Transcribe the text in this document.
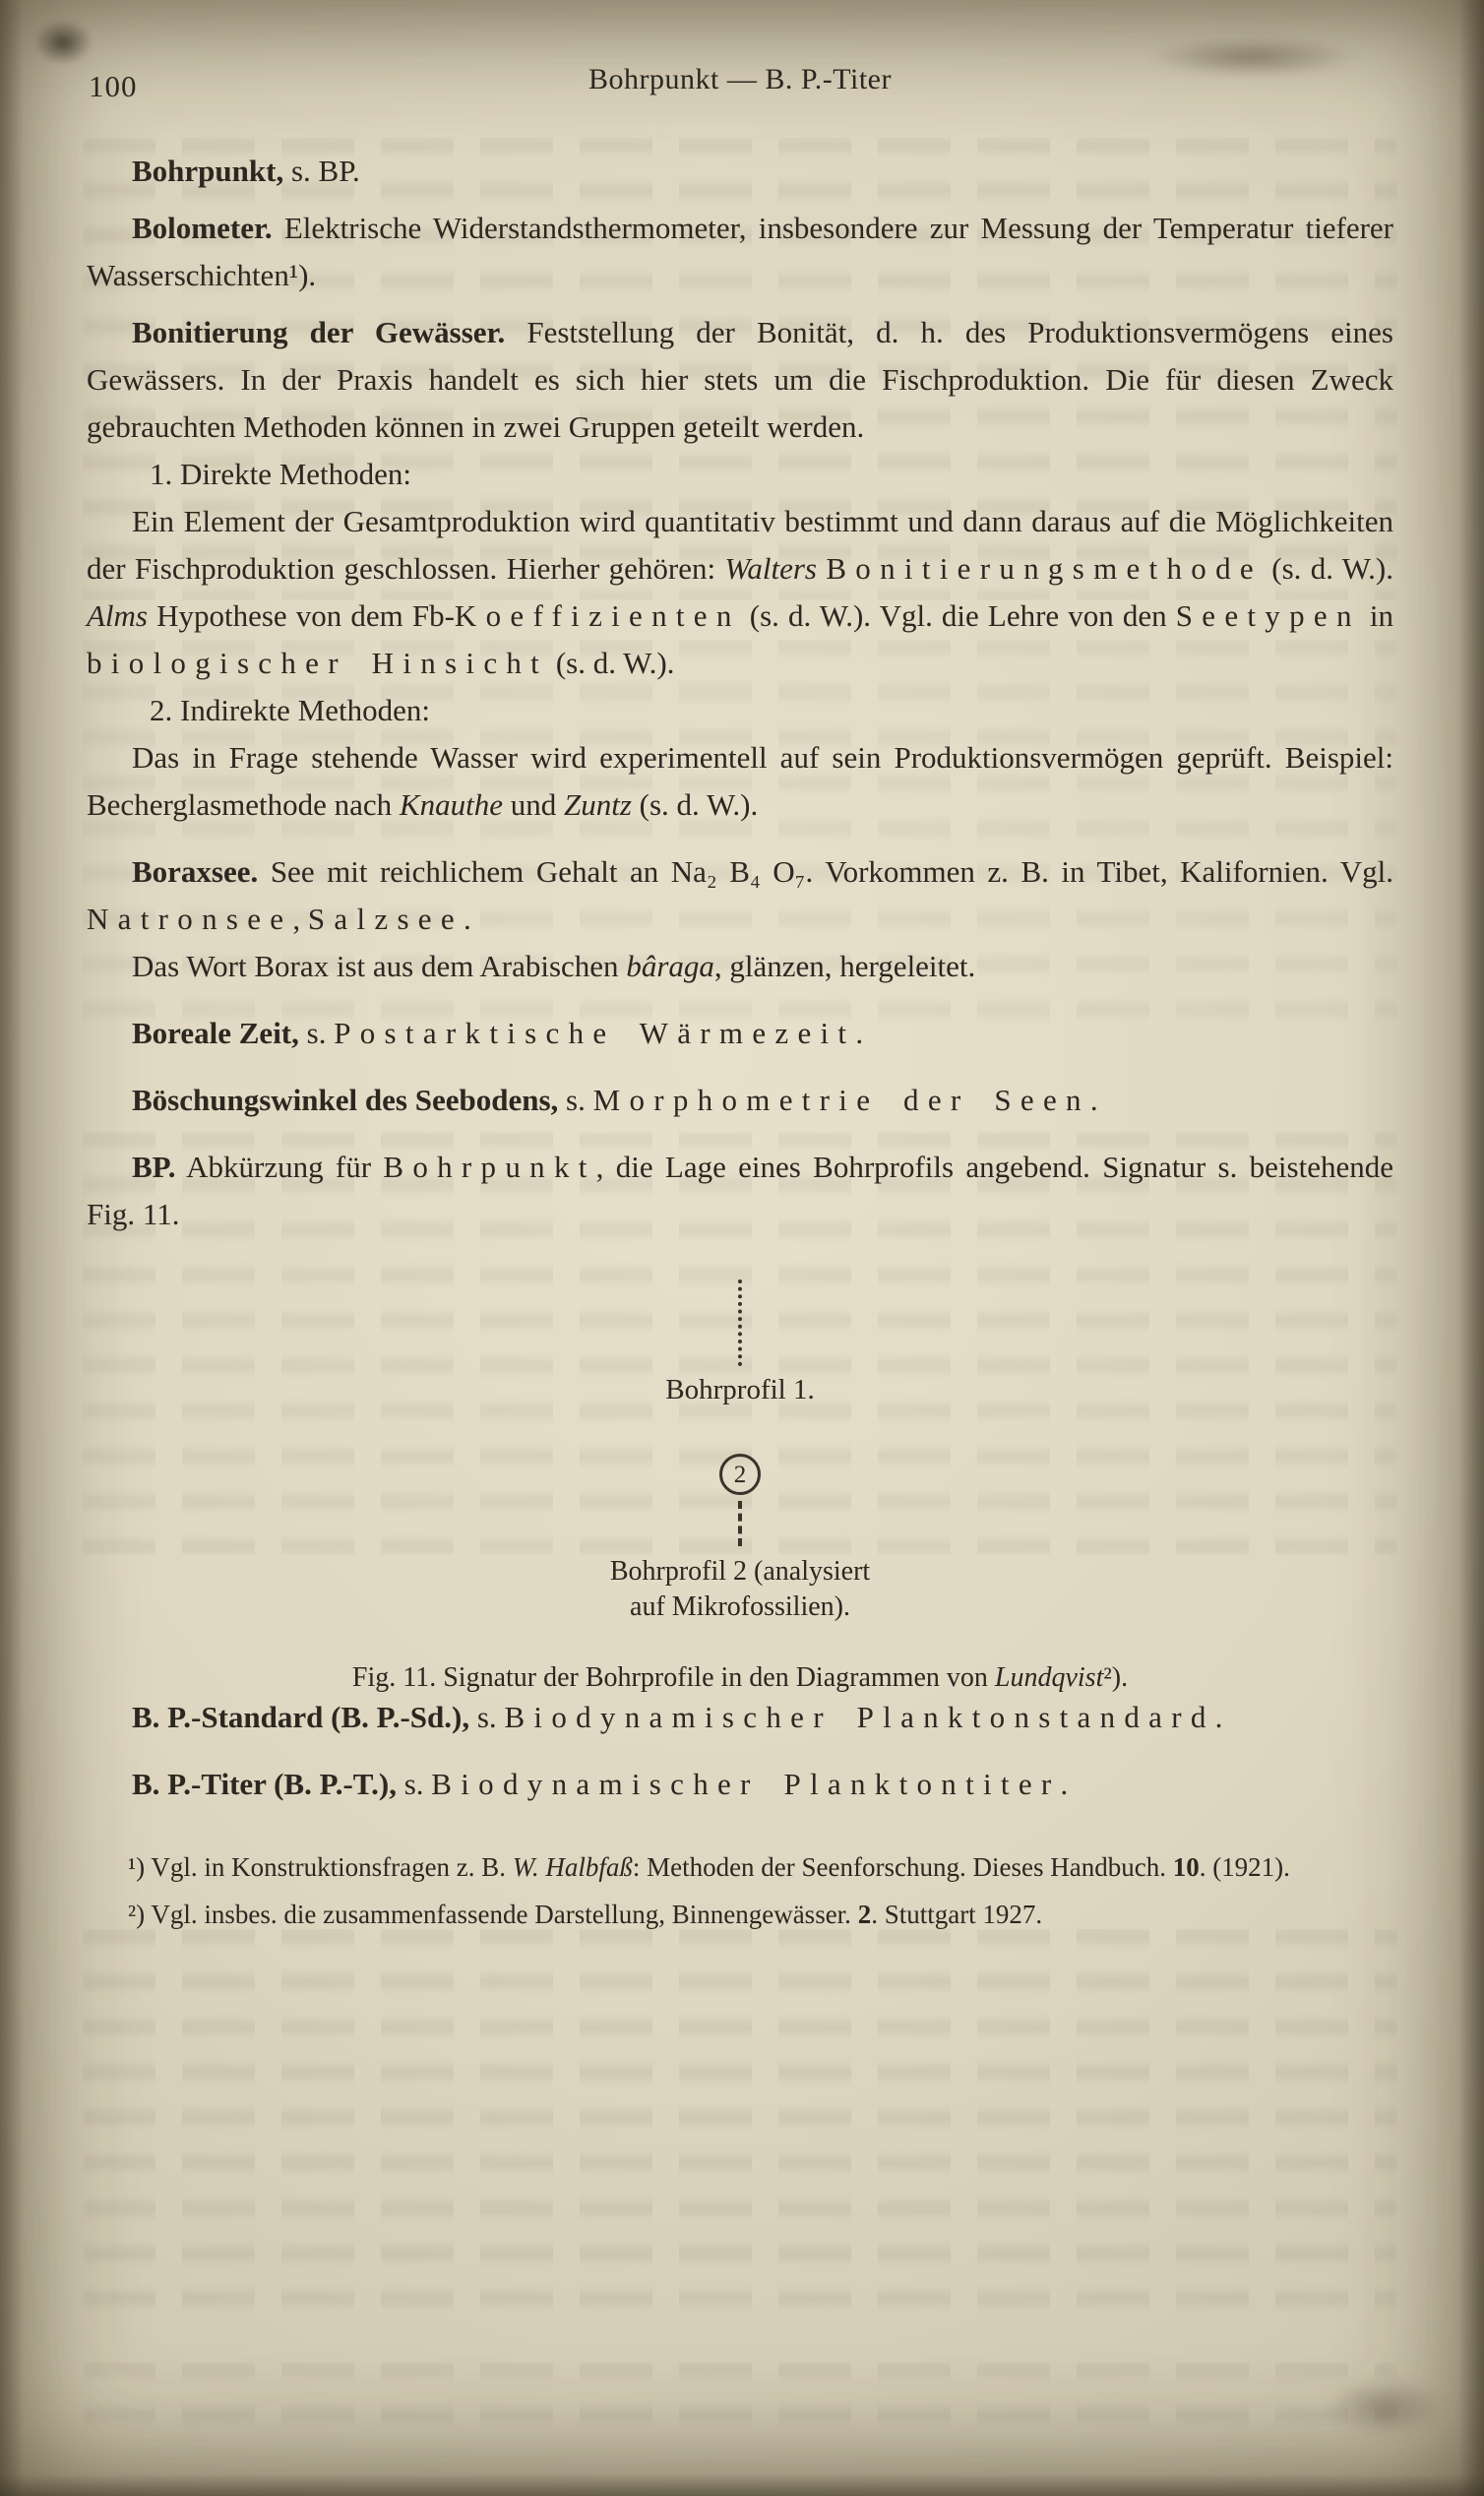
100	Bohrpunkt — B. P.-Titer

Bohrpunkt, s. BP.

Bolometer. Elektrische Widerstandsthermometer, insbesondere zur Messung der Temperatur tieferer Wasserschichten¹).

Bonitierung der Gewässer. Feststellung der Bonität, d. h. des Produktionsvermögens eines Gewässers. In der Praxis handelt es sich hier stets um die Fischproduktion. Die für diesen Zweck gebrauchten Methoden können in zwei Gruppen geteilt werden.

1. Direkte Methoden:

Ein Element der Gesamtproduktion wird quantitativ bestimmt und dann daraus auf die Möglichkeiten der Fischproduktion geschlossen. Hierher gehören: Walters Bonitierungsmethode (s. d. W.). Alms Hypothese von dem Fb-Koeffizienten (s. d. W.). Vgl. die Lehre von den Seetypen in biologischer Hinsicht (s. d. W.).

2. Indirekte Methoden:

Das in Frage stehende Wasser wird experimentell auf sein Produktionsvermögen geprüft. Beispiel: Becherglasmethode nach Knauthe und Zuntz (s. d. W.).

Boraxsee. See mit reichlichem Gehalt an Na₂ B₄ O₇. Vorkommen z. B. in Tibet, Kalifornien. Vgl. Natronsee, Salzsee.

Das Wort Borax ist aus dem Arabischen bâraga, glänzen, hergeleitet.

Boreale Zeit, s. Postarktische Wärmezeit.

Böschungswinkel des Seebodens, s. Morphometrie der Seen.

BP. Abkürzung für Bohrpunkt, die Lage eines Bohrprofils angebend. Signatur s. beistehende Fig. 11.

Bohrprofil 1.
2
Bohrprofil 2 (analysiert
auf Mikrofossilien).
Fig. 11. Signatur der Bohrprofile in den Diagrammen von Lundqvist²).

B. P.-Standard (B. P.-Sd.), s. Biodynamischer Planktonstandard.

B. P.-Titer (B. P.-T.), s. Biodynamischer Planktontiter.

¹) Vgl. in Konstruktionsfragen z. B. W. Halbfaß: Methoden der Seenforschung. Dieses Handbuch. 10. (1921).

²) Vgl. insbes. die zusammenfassende Darstellung, Binnengewässer. 2. Stuttgart 1927.
